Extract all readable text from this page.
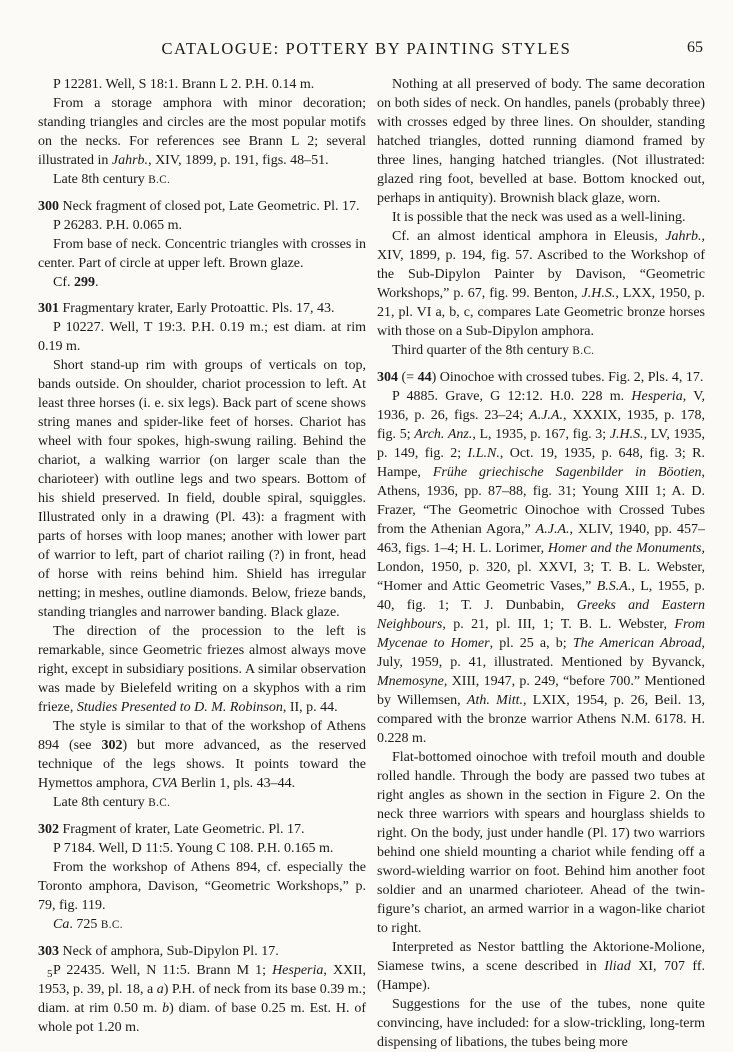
CATALOGUE: POTTERY BY PAINTING STYLES	65

P 12281. Well, S 18:1. Brann L 2. P.H. 0.14 m.

From a storage amphora with minor decoration; standing triangles and circles are the most popular motifs on the necks. For references see Brann L 2; several illustrated in Jahrb., XIV, 1899, p. 191, figs. 48–51.

Late 8th century B.C.

300 Neck fragment of closed pot, Late Geometric. Pl. 17.

P 26283. P.H. 0.065 m.

From base of neck. Concentric triangles with crosses in center. Part of circle at upper left. Brown glaze.

Cf. 299.

301 Fragmentary krater, Early Protoattic. Pls. 17, 43.

P 10227. Well, T 19:3. P.H. 0.19 m.; est diam. at rim 0.19 m.

Short stand-up rim with groups of verticals on top, bands outside. On shoulder, chariot procession to left. At least three horses (i. e. six legs). Back part of scene shows string manes and spider-like feet of horses. Chariot has wheel with four spokes, high-swung railing. Behind the chariot, a walking warrior (on larger scale than the charioteer) with outline legs and two spears. Bottom of his shield preserved. In field, double spiral, squiggles. Illustrated only in a drawing (Pl. 43): a fragment with parts of horses with loop manes; another with lower part of warrior to left, part of chariot railing (?) in front, head of horse with reins behind him. Shield has irregular netting; in meshes, outline diamonds. Below, frieze bands, standing triangles and narrower banding. Black glaze.

The direction of the procession to the left is remarkable, since Geometric friezes almost always move right, except in subsidiary positions. A similar observation was made by Bielefeld writing on a skyphos with a rim frieze, Studies Presented to D. M. Robinson, II, p. 44.

The style is similar to that of the workshop of Athens 894 (see 302) but more advanced, as the reserved technique of the legs shows. It points toward the Hymettos amphora, CVA Berlin 1, pls. 43–44.

Late 8th century B.C.

302 Fragment of krater, Late Geometric. Pl. 17.

P 7184. Well, D 11:5. Young C 108. P.H. 0.165 m.

From the workshop of Athens 894, cf. especially the Toronto amphora, Davison, “Geometric Workshops,” p. 79, fig. 119.

Ca. 725 B.C.

303 Neck of amphora, Sub-Dipylon Pl. 17.

P 22435. Well, N 11:5. Brann M 1; Hesperia, XXII, 1953, p. 39, pl. 18, a a) P.H. of neck from its base 0.39 m.; diam. at rim 0.50 m. b) diam. of base 0.25 m. Est. H. of whole pot 1.20 m.

Nothing at all preserved of body. The same decoration on both sides of neck. On handles, panels (probably three) with crosses edged by three lines. On shoulder, standing hatched triangles, dotted running diamond framed by three lines, hanging hatched triangles. (Not illustrated: glazed ring foot, bevelled at base. Bottom knocked out, perhaps in antiquity). Brownish black glaze, worn.

It is possible that the neck was used as a well-lining.

Cf. an almost identical amphora in Eleusis, Jahrb., XIV, 1899, p. 194, fig. 57. Ascribed to the Workshop of the Sub-Dipylon Painter by Davison, “Geometric Workshops,” p. 67, fig. 99. Benton, J.H.S., LXX, 1950, p. 21, pl. VI a, b, c, compares Late Geometric bronze horses with those on a Sub-Dipylon amphora.

Third quarter of the 8th century B.C.

304 (= 44) Oinochoe with crossed tubes. Fig. 2, Pls. 4, 17.

P 4885. Grave, G 12:12. H.0. 228 m. Hesperia, V, 1936, p. 26, figs. 23–24; A.J.A., XXXIX, 1935, p. 178, fig. 5; Arch. Anz., L, 1935, p. 167, fig. 3; J.H.S., LV, 1935, p. 149, fig. 2; I.L.N., Oct. 19, 1935, p. 648, fig. 3; R. Hampe, Frühe griechische Sagenbilder in Böotien, Athens, 1936, pp. 87–88, fig. 31; Young XIII 1; A. D. Frazer, “The Geometric Oinochoe with Crossed Tubes from the Athenian Agora,” A.J.A., XLIV, 1940, pp. 457–463, figs. 1–4; H. L. Lorimer, Homer and the Monuments, London, 1950, p. 320, pl. XXVI, 3; T. B. L. Webster, “Homer and Attic Geometric Vases,” B.S.A., L, 1955, p. 40, fig. 1; T. J. Dunbabin, Greeks and Eastern Neighbours, p. 21, pl. III, 1; T. B. L. Webster, From Mycenae to Homer, pl. 25 a, b; The American Abroad, July, 1959, p. 41, illustrated. Mentioned by Byvanck, Mnemosyne, XIII, 1947, p. 249, “before 700.” Mentioned by Willemsen, Ath. Mitt., LXIX, 1954, p. 26, Beil. 13, compared with the bronze warrior Athens N.M. 6178. H. 0.228 m.

Flat-bottomed oinochoe with trefoil mouth and double rolled handle. Through the body are passed two tubes at right angles as shown in the section in Figure 2. On the neck three warriors with spears and hourglass shields to right. On the body, just under handle (Pl. 17) two warriors behind one shield mounting a chariot while fending off a sword-wielding warrior on foot. Behind him another foot soldier and an unarmed charioteer. Ahead of the twin-figure’s chariot, an armed warrior in a wagon-like chariot to right.

Interpreted as Nestor battling the Aktorione-Molione, Siamese twins, a scene described in Iliad XI, 707 ff. (Hampe).

Suggestions for the use of the tubes, none quite convincing, have included: for a slow-trickling, long-term dispensing of libations, the tubes being more

5
